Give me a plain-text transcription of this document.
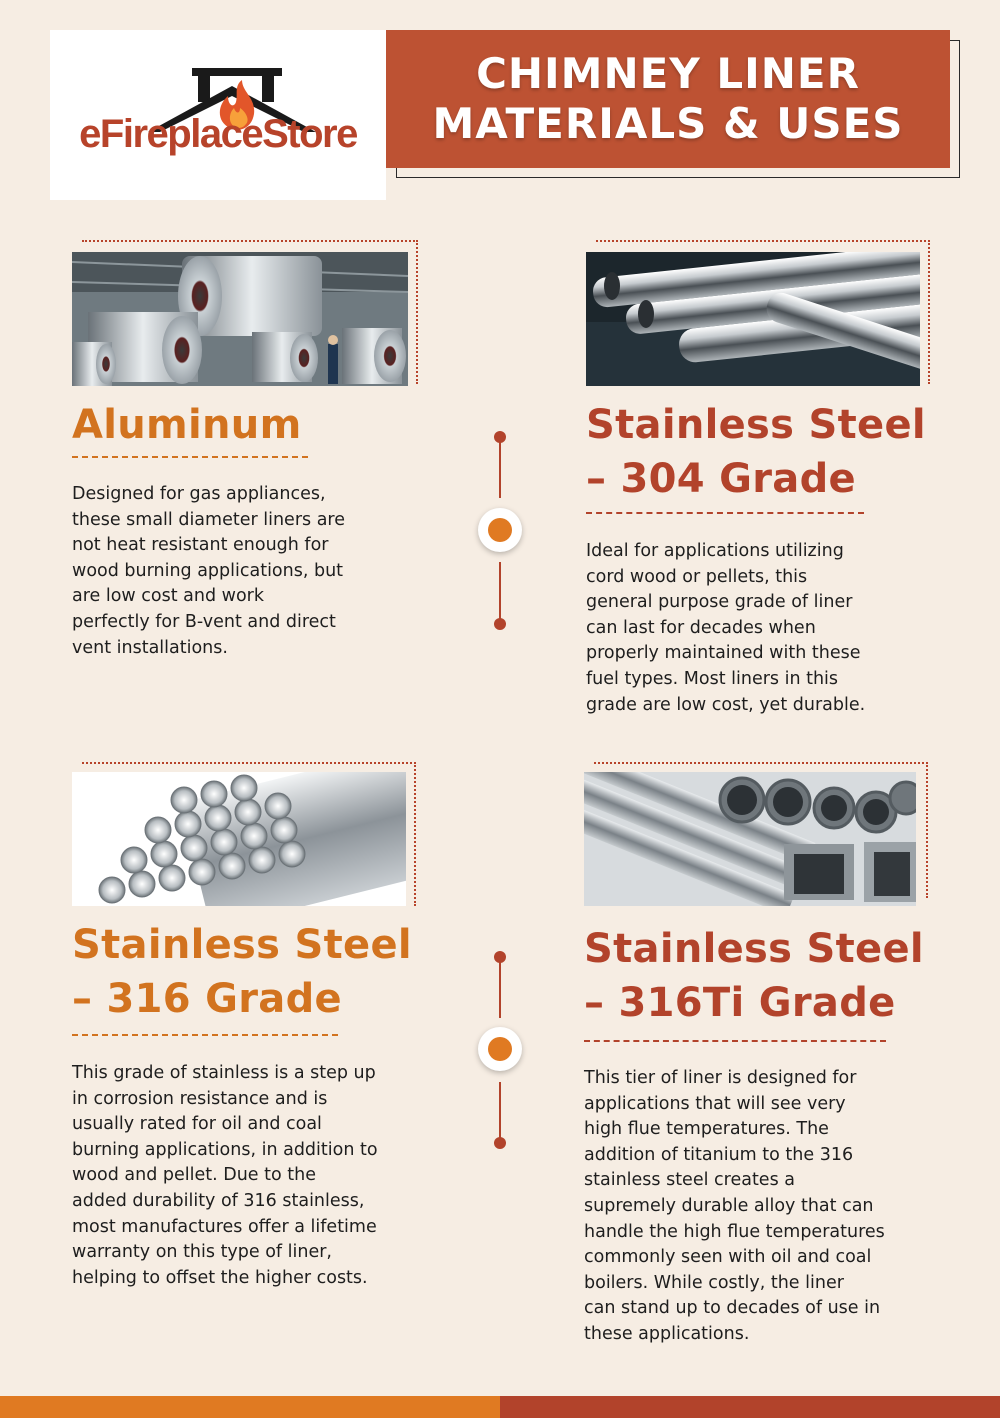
eFireplaceStore
CHIMNEY LINER
MATERIALS & USES
Aluminum
Designed for gas appliances,
these small diameter liners are
not heat resistant enough for
wood burning applications, but
are low cost and work
perfectly for B-vent and direct
vent installations.
Stainless Steel
– 304 Grade
Ideal for applications utilizing
cord wood or pellets, this
general purpose grade of liner
can last for decades when
properly maintained with these
fuel types. Most liners in this
grade are low cost, yet durable.
Stainless Steel
– 316 Grade
This grade of stainless is a step up
in corrosion resistance and is
usually rated for oil and coal
burning applications, in addition to
wood and pellet. Due to the
added durability of 316 stainless,
most manufactures offer a lifetime
warranty on this type of liner,
helping to offset the higher costs.
Stainless Steel
– 316Ti Grade
This tier of liner is designed for
applications that will see very
high flue temperatures. The
addition of titanium to the 316
stainless steel creates a
supremely durable alloy that can
handle the high flue temperatures
commonly seen with oil and coal
boilers. While costly, the liner
can stand up to decades of use in
these applications.
